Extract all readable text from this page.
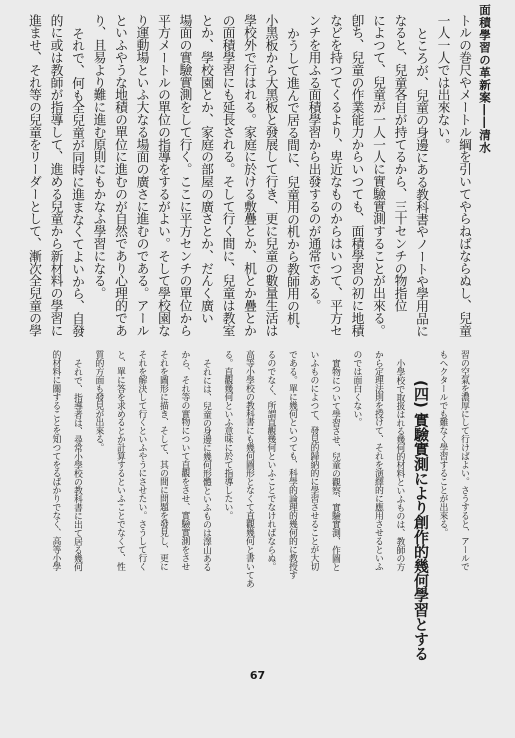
面積學習の革新案――清水
トルの巻尺やメートル綱を引いてやらねばならぬし、兒童
一人一人では出來ない。
ところが、兒童の身邊にある教科書やノートや學用品に
なると、兒童各自が持てるから、三十センチの物指位
によつて、兒童が一人一人に實驗實測することが出來る。
卽ち、兒童の作業能力からいつても、面積學習の初に地積
などを持つてくるより、卑近なものからはいつて、平方セ
ンチを用ふる面積學習から出發するのが通常である。
かうして進んで居る間に、兒童用の机から教師用の机、
小黑板から大黑板と發展して行き、更に兒童の數量生活は
學校外で行はれる。家庭に於ける敷疊とか、机とか疊とか
の面積學習にも延長される。そして行く間に、兒童は教室
とか、學校園とか、家庭の部屋の廣さとか、だんく廣い
場面の實驗實測をして行く。ここに平方センチの單位から
平方メートルの單位の指導をするがよい。そして學校園な
り運動場といふ大なる場面の廣さに進むのである。アール
といふやうな地積の單位に進むのが自然であり心理的であ
り、且易より難に進む原則にもかなふ學習になる。
それで、何も全兒童が同時に進まなくてよいから、自發
的に或は教師が指導して、進める兒童から新材料の學習に
進ませ、それ等の兒童をリーダーとして、漸次全兒童の學
習の空氣を濃厚にして行けばよい。さうすると、アールで
もヘクタールでも難なく學習することが出來る。
(四) 實驗實測により創作的幾何學習とする
小學校で取扱はれる幾何的材料といふものは、教師の方
から定理法則を授けて、それを演繹的に應用させるといふ
のでは面白くない。
實物について學習させ、兒童の觀察、實驗實測、作圖と
いふものによつて、發見的歸納的に學習させることが大切
である。單に幾何といつても、科學的論理的幾何的に教授す
るのでなく、所謂直觀幾何といふことでなければならぬ。
高等小學校の教科書にも幾何圖形となくて直觀幾何と書いてあ
る。直觀幾何といふ意味に於て指導したい。
それには、兒童の身邊に幾何形體といふものは澤山ある
から、それ等の實物について直觀をさせ、實驗實測をさせ
それを圖形に描き、そして、其の間に問題を發見し、更に
それを解決して行くといふやうにさせたい。さうして行く
と、單に答を求めるとか計算するといふことでなくて、性
質的方面も發見が出來る。
それで、指導者は、尋常小學校の教科書に出て居る幾何
的材料に關することを知つてをるばかりでなく、高等小學
67
